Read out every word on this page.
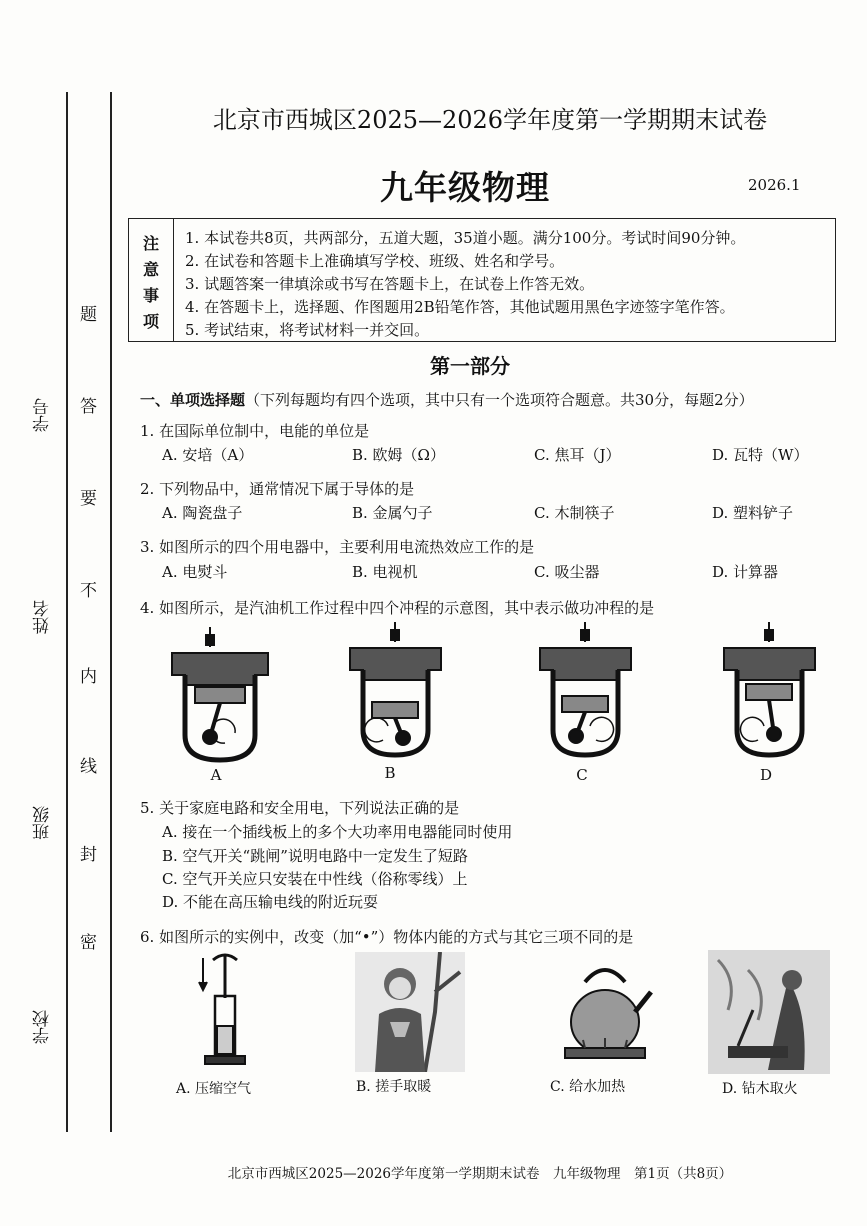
学号
姓名
班级
学校
题
答
要
不
内
线
封
密
北京市西城区2025—2026学年度第一学期期末试卷
九年级物理	2026.1
注
意
事
项
1. 本试卷共8页，共两部分，五道大题，35道小题。满分100分。考试时间90分钟。
2. 在试卷和答题卡上准确填写学校、班级、姓名和学号。
3. 试题答案一律填涂或书写在答题卡上，在试卷上作答无效。
4. 在答题卡上，选择题、作图题用2B铅笔作答，其他试题用黑色字迹签字笔作答。
5. 考试结束，将考试材料一并交回。
第一部分
一、单项选择题（下列每题均有四个选项，其中只有一个选项符合题意。共30分，每题2分）
1. 在国际单位制中，电能的单位是
A. 安培（A）	B. 欧姆（Ω）	C. 焦耳（J）	D. 瓦特（W）
2. 下列物品中，通常情况下属于导体的是
A. 陶瓷盘子	B. 金属勺子	C. 木制筷子	D. 塑料铲子
3. 如图所示的四个用电器中，主要利用电流热效应工作的是
A. 电熨斗	B. 电视机	C. 吸尘器	D. 计算器
4. 如图所示，是汽油机工作过程中四个冲程的示意图，其中表示做功冲程的是
A	B	C	D
5. 关于家庭电路和安全用电，下列说法正确的是
A. 接在一个插线板上的多个大功率用电器能同时使用
B. 空气开关“跳闸”说明电路中一定发生了短路
C. 空气开关应只安装在中性线（俗称零线）上
D. 不能在高压输电线的附近玩耍
6. 如图所示的实例中，改变（加“•”）物体内能的方式与其它三项不同的是
A. 压缩空气	B. 搓手取暖	C. 给水加热	D. 钻木取火
北京市西城区2025—2026学年度第一学期期末试卷　九年级物理　第1页（共8页）
